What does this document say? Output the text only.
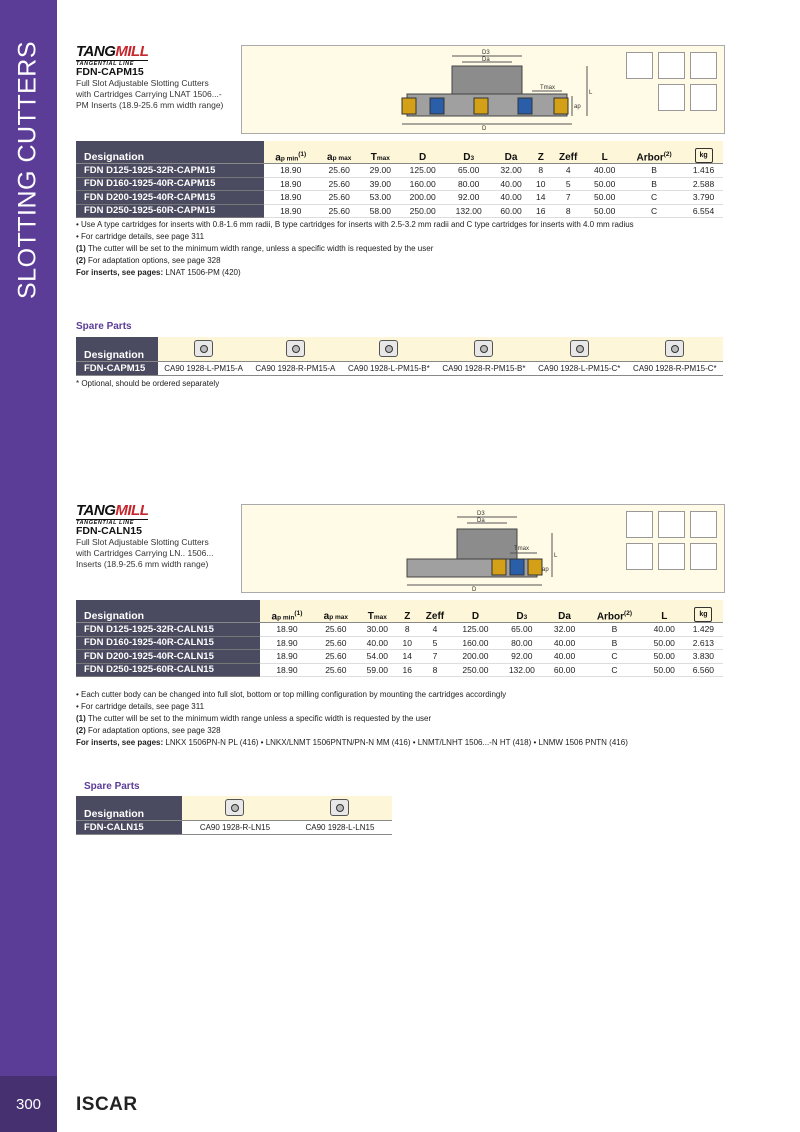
SLOTTING CUTTERS
300	ISCAR
TANGMILL
TANGENTIAL LINE
FDN-CAPM15
Full Slot Adjustable Slotting Cutters
with Cartridges Carrying LNAT 1506...-
PM Inserts (18.9-25.6 mm width range)
D3
Da
Tmax
ap
L
D
Designation	ap $\min^{(1)}$	ap max	Tmax	D	D3	Da	Z	Zeff	L	Arbor$^{(2)}$	kg
FDN D125-1925-32R-CAPM15	18.90	25.60	29.00	125.00	65.00	32.00	8	4	40.00	B	1.416
FDN D160-1925-40R-CAPM15	18.90	25.60	39.00	160.00	80.00	40.00	10	5	50.00	B	2.588
FDN D200-1925-40R-CAPM15	18.90	25.60	53.00	200.00	92.00	40.00	14	7	50.00	C	3.790
FDN D250-1925-60R-CAPM15	18.90	25.60	58.00	250.00	132.00	60.00	16	8	50.00	C	6.554
• Use A type cartridges for inserts with 0.8-1.6 mm radii, B type cartridges for inserts with 2.5-3.2 mm radii and C type cartridges for inserts with 4.0 mm radius
• For cartridge details, see page 311
(1) The cutter will be set to the minimum width range, unless a specific width is requested by the user
(2) For adaptation options, see page 328
For inserts, see pages: LNAT 1506-PM (420)
Spare Parts
Designation						
FDN-CAPM15	CA90 1928-L-PM15-A	CA90 1928-R-PM15-A	CA90 1928-L-PM15-B*	CA90 1928-R-PM15-B*	CA90 1928-L-PM15-C*	CA90 1928-R-PM15-C*
* Optional, should be ordered separately
TANGMILL
TANGENTIAL LINE
FDN-CALN15
Full Slot Adjustable Slotting Cutters
with Cartridges Carrying LN.. 1506...
Inserts (18.9-25.6 mm width range)
D3
Da
Tmax
ap
L
D
Designation	ap $\min^{(1)}$	ap max	Tmax	Z	Zeff	D	D3	Da	Arbor$^{(2)}$	L	kg
FDN D125-1925-32R-CALN15	18.90	25.60	30.00	8	4	125.00	65.00	32.00	B	40.00	1.429
FDN D160-1925-40R-CALN15	18.90	25.60	40.00	10	5	160.00	80.00	40.00	B	50.00	2.613
FDN D200-1925-40R-CALN15	18.90	25.60	54.00	14	7	200.00	92.00	40.00	C	50.00	3.830
FDN D250-1925-60R-CALN15	18.90	25.60	59.00	16	8	250.00	132.00	60.00	C	50.00	6.560
• Each cutter body can be changed into full slot, bottom or top milling configuration by mounting the cartridges accordingly
• For cartridge details, see page 311
(1) The cutter will be set to the minimum width range unless a specific width is requested by the user
(2) For adaptation options, see page 328
For inserts, see pages: LNKX 1506PN-N PL (416) • LNKX/LNMT 1506PNTN/PN-N MM (416) • LNMT/LNHT 1506...-N HT (418) • LNMW 1506 PNTN (416)
Spare Parts
Designation		
FDN-CALN15	CA90 1928-R-LN15	CA90 1928-L-LN15
